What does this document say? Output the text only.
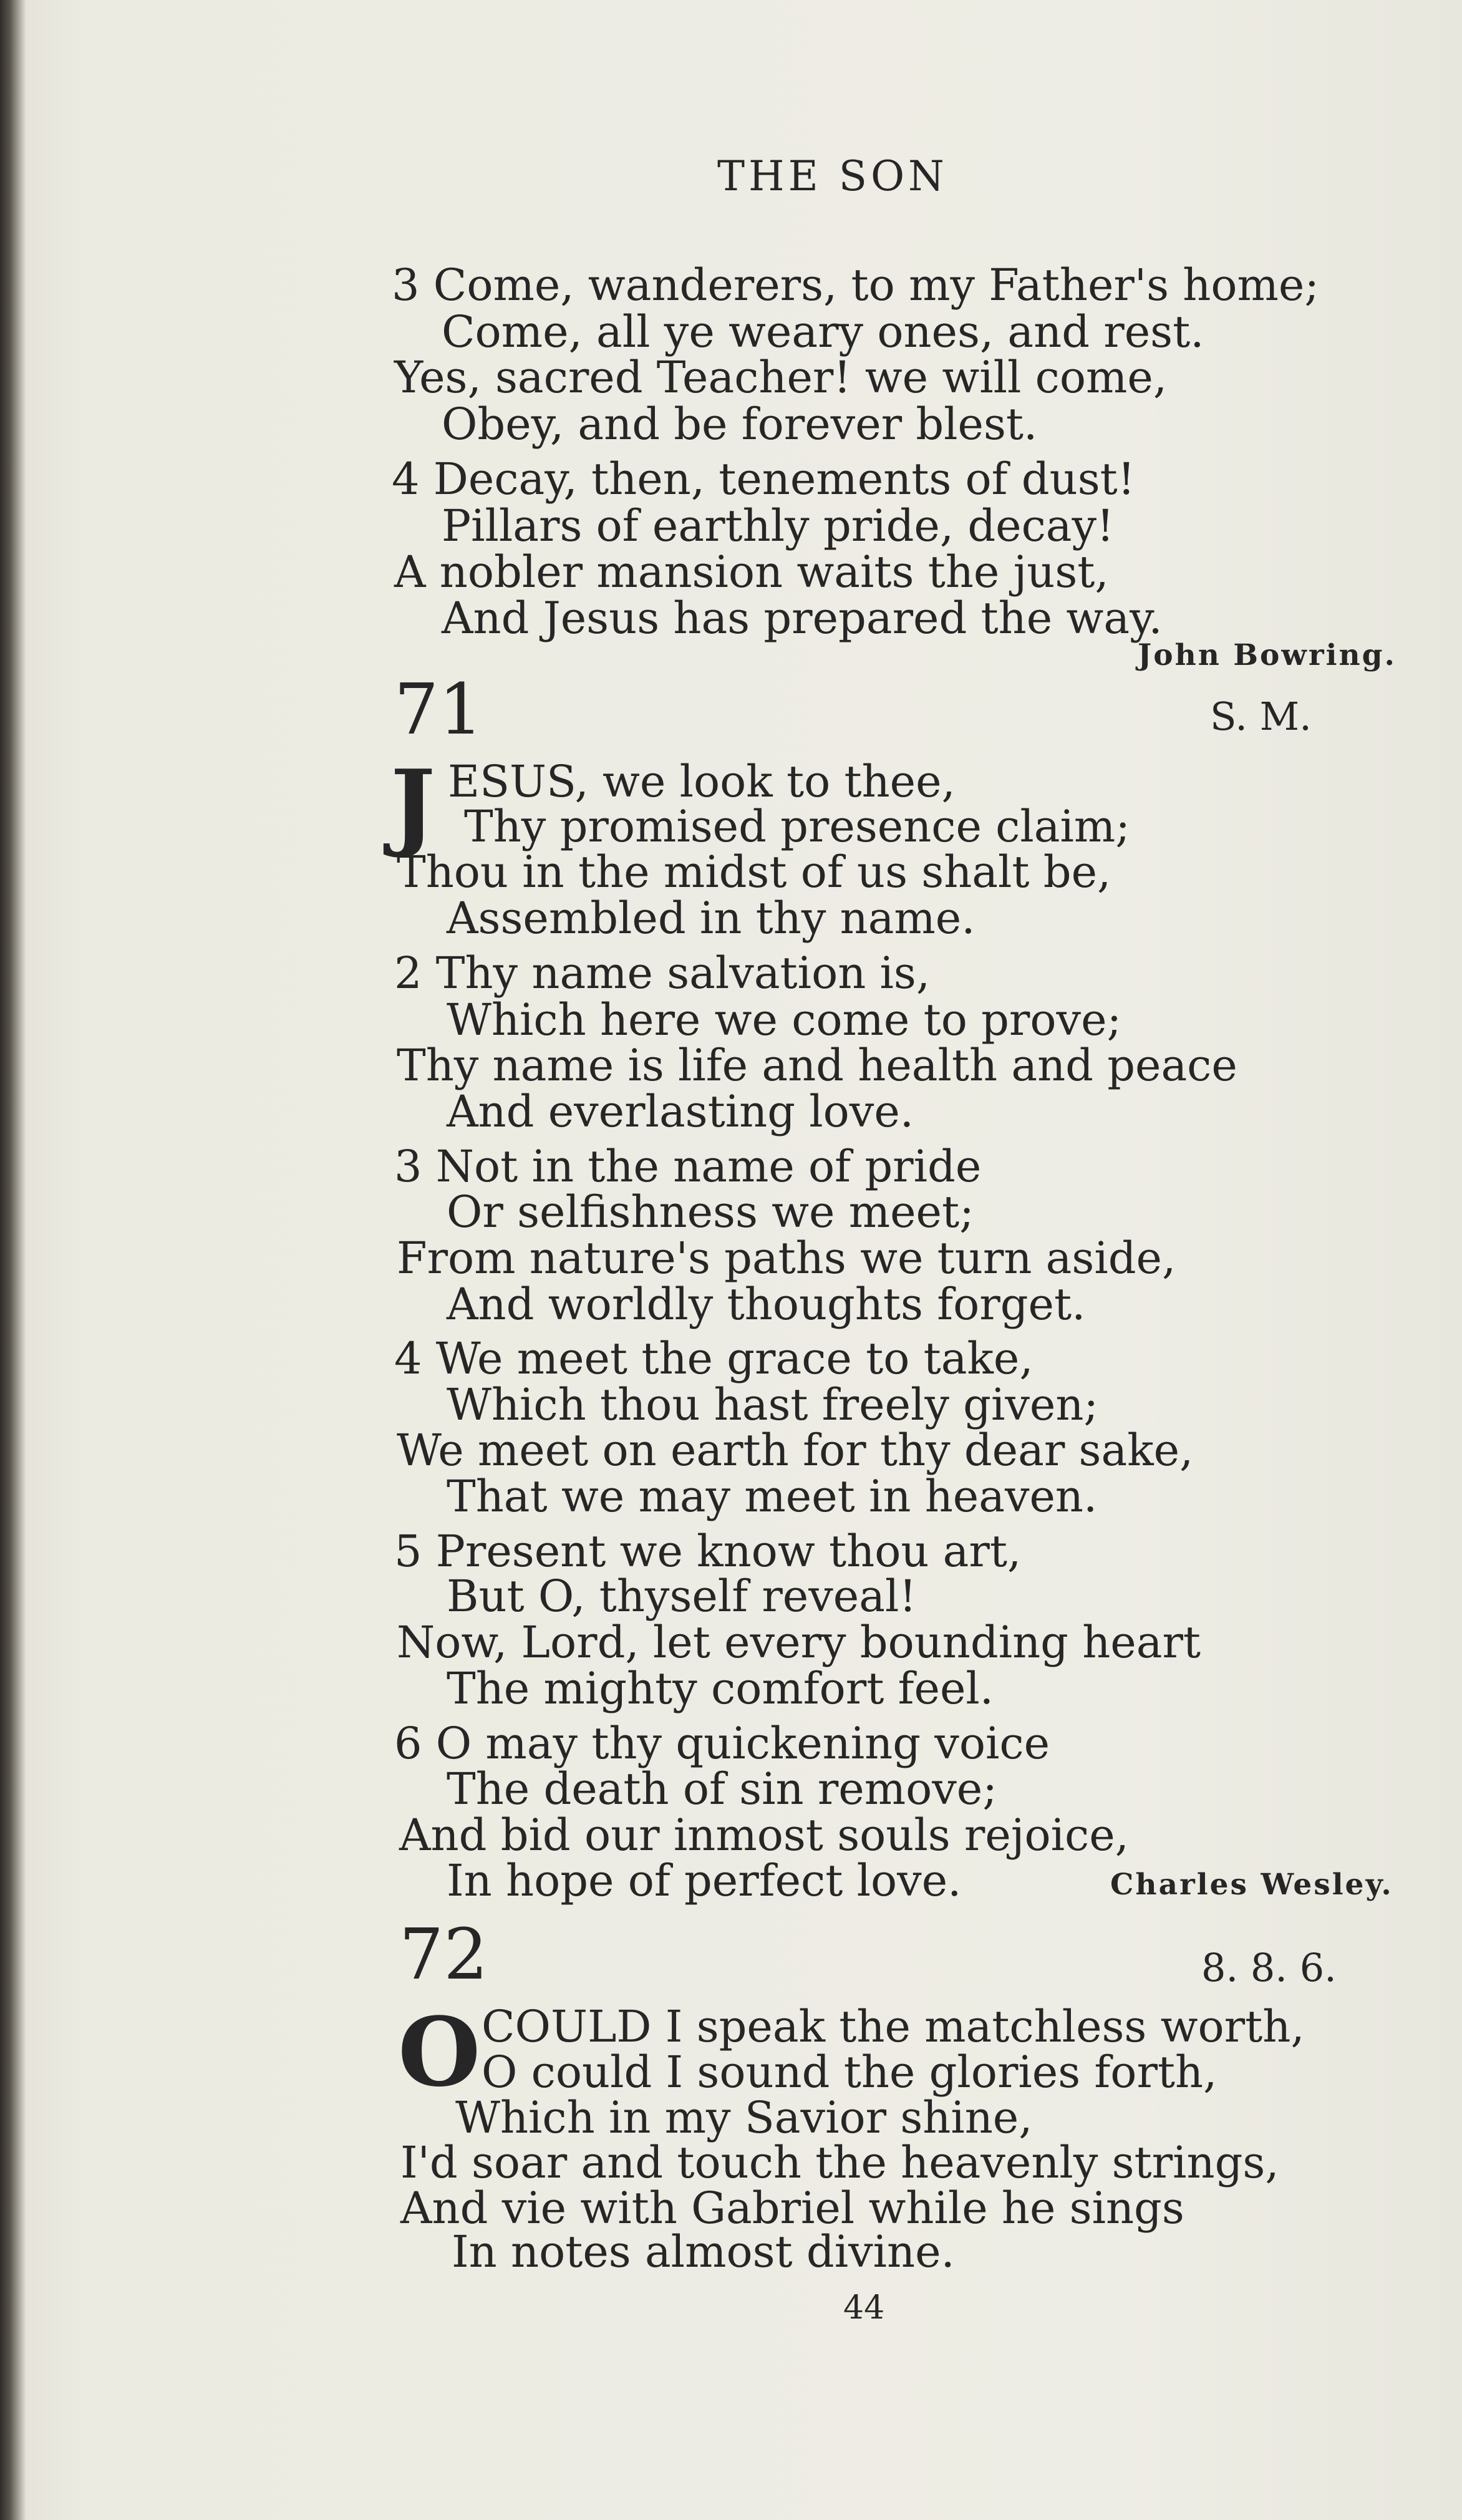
THE SON
3 Come, wanderers, to my Father's home;
Come, all ye weary ones, and rest.
Yes, sacred Teacher! we will come,
Obey, and be forever blest.
4 Decay, then, tenements of dust!
Pillars of earthly pride, decay!
A nobler mansion waits the just,
And Jesus has prepared the way.
John Bowring.
71	S. M.
J ESUS, we look to thee,
Thy promised presence claim;
Thou in the midst of us shalt be,
Assembled in thy name.
2 Thy name salvation is,
Which here we come to prove;
Thy name is life and health and peace
And everlasting love.
3 Not in the name of pride
Or selfishness we meet;
From nature's paths we turn aside,
And worldly thoughts forget.
4 We meet the grace to take,
Which thou hast freely given;
We meet on earth for thy dear sake,
That we may meet in heaven.
5 Present we know thou art,
But O, thyself reveal!
Now, Lord, let every bounding heart
The mighty comfort feel.
6 O may thy quickening voice
The death of sin remove;
And bid our inmost souls rejoice,
In hope of perfect love.	Charles Wesley.
72	8. 8. 6.
O COULD I speak the matchless worth,
O could I sound the glories forth,
Which in my Savior shine,
I'd soar and touch the heavenly strings,
And vie with Gabriel while he sings
In notes almost divine.
44
